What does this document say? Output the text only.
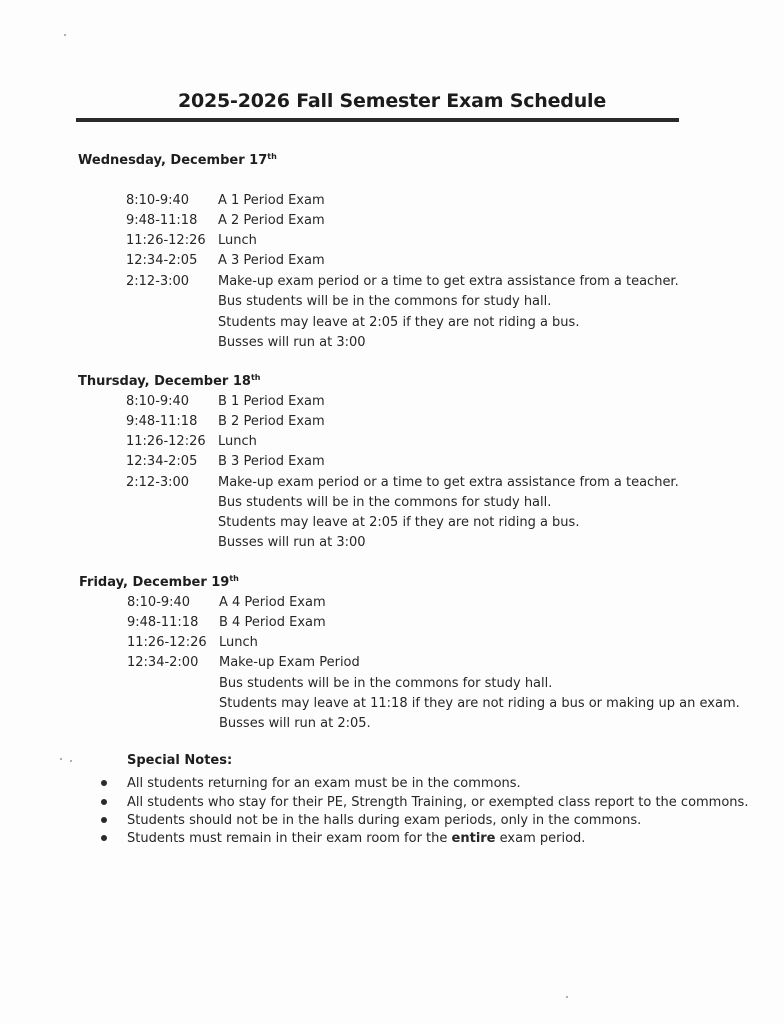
2025-2026 Fall Semester Exam Schedule
Wednesday, December 17th
8:10-9:40 A 1 Period Exam
9:48-11:18 A 2 Period Exam
11:26-12:26 Lunch
12:34-2:05 A 3 Period Exam
2:12-3:00 Make-up exam period or a time to get extra assistance from a teacher.
Bus students will be in the commons for study hall.
Students may leave at 2:05 if they are not riding a bus.
Busses will run at 3:00
Thursday, December 18th
8:10-9:40 B 1 Period Exam
9:48-11:18 B 2 Period Exam
11:26-12:26 Lunch
12:34-2:05 B 3 Period Exam
2:12-3:00 Make-up exam period or a time to get extra assistance from a teacher.
Bus students will be in the commons for study hall.
Students may leave at 2:05 if they are not riding a bus.
Busses will run at 3:00
Friday, December 19th
8:10-9:40 A 4 Period Exam
9:48-11:18 B 4 Period Exam
11:26-12:26 Lunch
12:34-2:00 Make-up Exam Period
Bus students will be in the commons for study hall.
Students may leave at 11:18 if they are not riding a bus or making up an exam.
Busses will run at 2:05.
Special Notes:
All students returning for an exam must be in the commons.
All students who stay for their PE, Strength Training, or exempted class report to the commons.
Students should not be in the halls during exam periods, only in the commons.
Students must remain in their exam room for the entire exam period.
